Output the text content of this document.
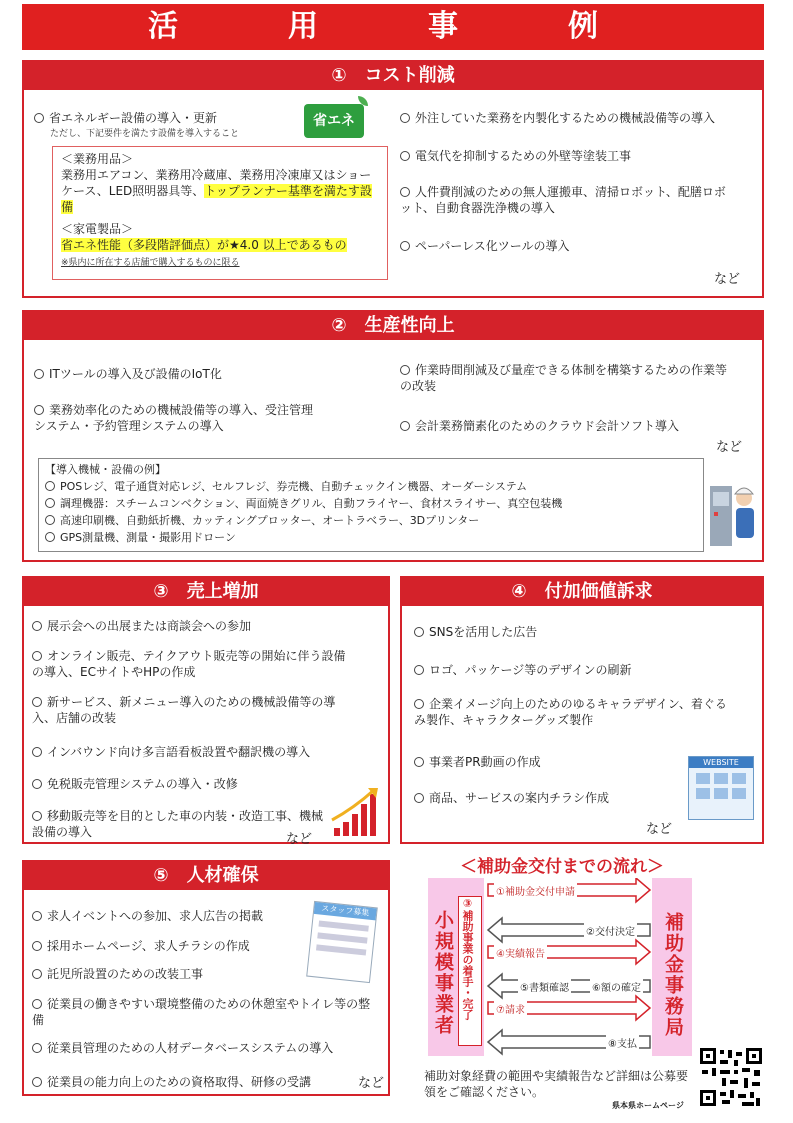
活　用　事　例
①　コスト削減
省エネルギー設備の導入・更新
ただし、下記要件を満たす設備を導入すること
省エネ
＜業務用品＞
業務用エアコン、業務用冷蔵庫、業務用冷凍庫又はショーケース、LED照明器具等、トップランナー基準を満たす設備
＜家電製品＞
省エネ性能（多段階評価点）が★4.0 以上であるもの
※県内に所在する店舗で購入するものに限る
外注していた業務を内製化するための機械設備等の導入
電気代を抑制するための外壁等塗装工事
人件費削減のための無人運搬車、清掃ロボット、配膳ロボット、自動食器洗浄機の導入
ペーパーレス化ツールの導入
など
②　生産性向上
ITツールの導入及び設備のIoT化
業務効率化のための機械設備等の導入、受注管理システム・予約管理システムの導入
作業時間削減及び量産できる体制を構築するための作業等の改装
会計業務簡素化のためのクラウド会計ソフト導入
など
【導入機械・設備の例】
POSレジ、電子通貨対応レジ、セルフレジ、券売機、自動チェックイン機器、オーダーシステム
調理機器：スチームコンベクション、両面焼きグリル、自動フライヤー、食材スライサー、真空包装機
高速印刷機、自動紙折機、カッティングプロッター、オートラベラー、3Dプリンター
GPS測量機、測量・撮影用ドローン
③　売上増加
展示会への出展または商談会への参加
オンライン販売、テイクアウト販売等の開始に伴う設備の導入、ECサイトやHPの作成
新サービス、新メニュー導入のための機械設備等の導入、店舗の改装
インバウンド向け多言語看板設置や翻訳機の導入
免税販売管理システムの導入・改修
移動販売等を目的とした車の内装・改造工事、機械設備の導入	など
④　付加価値訴求
SNSを活用した広告
ロゴ、パッケージ等のデザインの刷新
企業イメージ向上のためのゆるキャラデザイン、着ぐるみ製作、キャラクターグッズ製作
事業者PR動画の作成
商品、サービスの案内チラシ作成
など
WEBSITE
⑤　人材確保
求人イベントへの参加、求人広告の掲載
採用ホームページ、求人チラシの作成
託児所設置のための改装工事
従業員の働きやすい環境整備のための休憩室やトイレ等の整備
従業員管理のための人材データベースシステムの導入
従業員の能力向上のための資格取得、研修の受講	など
スタッフ募集
＜補助金交付までの流れ＞
小規模事業者 ③補助事業の着手・完了	補助金事務局
①補助金交付申請
②交付決定
④実績報告
⑤書類確認 ⑥額の確定
⑦請求
⑧支払
補助対象経費の範囲や実績報告など詳細は公募要領をご確認ください。
県本県ホームページ
